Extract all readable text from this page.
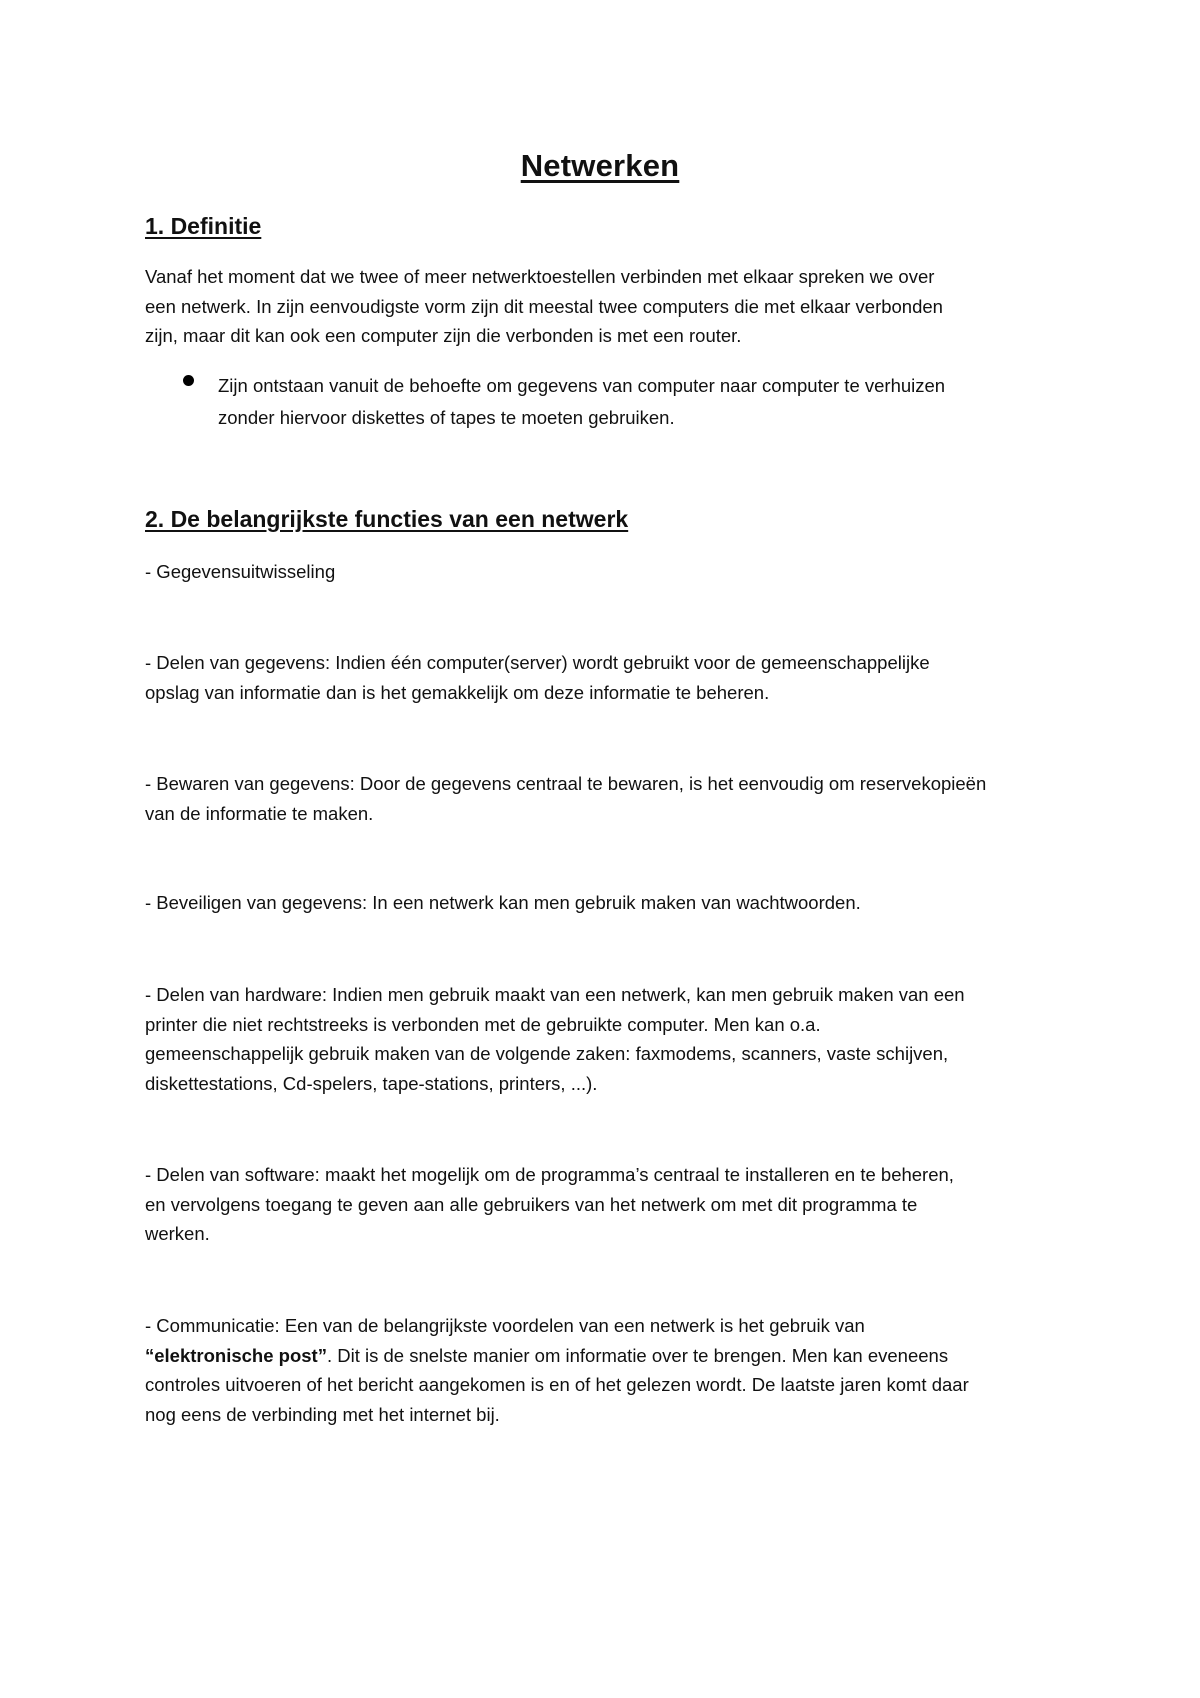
Netwerken
1. Definitie

Vanaf het moment dat we twee of meer netwerktoestellen verbinden met elkaar spreken we over
een netwerk. In zijn eenvoudigste vorm zijn dit meestal twee computers die met elkaar verbonden
zijn, maar dit kan ook een computer zijn die verbonden is met een router.

Zijn ontstaan vanuit de behoefte om gegevens van computer naar computer te verhuizen
zonder hiervoor diskettes of tapes te moeten gebruiken.

2. De belangrijkste functies van een netwerk

- Gegevensuitwisseling

- Delen van gegevens: Indien één computer(server) wordt gebruikt voor de gemeenschappelijke
opslag van informatie dan is het gemakkelijk om deze informatie te beheren.

- Bewaren van gegevens: Door de gegevens centraal te bewaren, is het eenvoudig om reservekopieën
van de informatie te maken.

- Beveiligen van gegevens: In een netwerk kan men gebruik maken van wachtwoorden.

- Delen van hardware: Indien men gebruik maakt van een netwerk, kan men gebruik maken van een
printer die niet rechtstreeks is verbonden met de gebruikte computer. Men kan o.a.
gemeenschappelijk gebruik maken van de volgende zaken: faxmodems, scanners, vaste schijven,
diskettestations, Cd-spelers, tape-stations, printers, ...).

- Delen van software: maakt het mogelijk om de programma’s centraal te installeren en te beheren,
en vervolgens toegang te geven aan alle gebruikers van het netwerk om met dit programma te
werken.

- Communicatie: Een van de belangrijkste voordelen van een netwerk is het gebruik van
“elektronische post”. Dit is de snelste manier om informatie over te brengen. Men kan eveneens
controles uitvoeren of het bericht aangekomen is en of het gelezen wordt. De laatste jaren komt daar
nog eens de verbinding met het internet bij.
